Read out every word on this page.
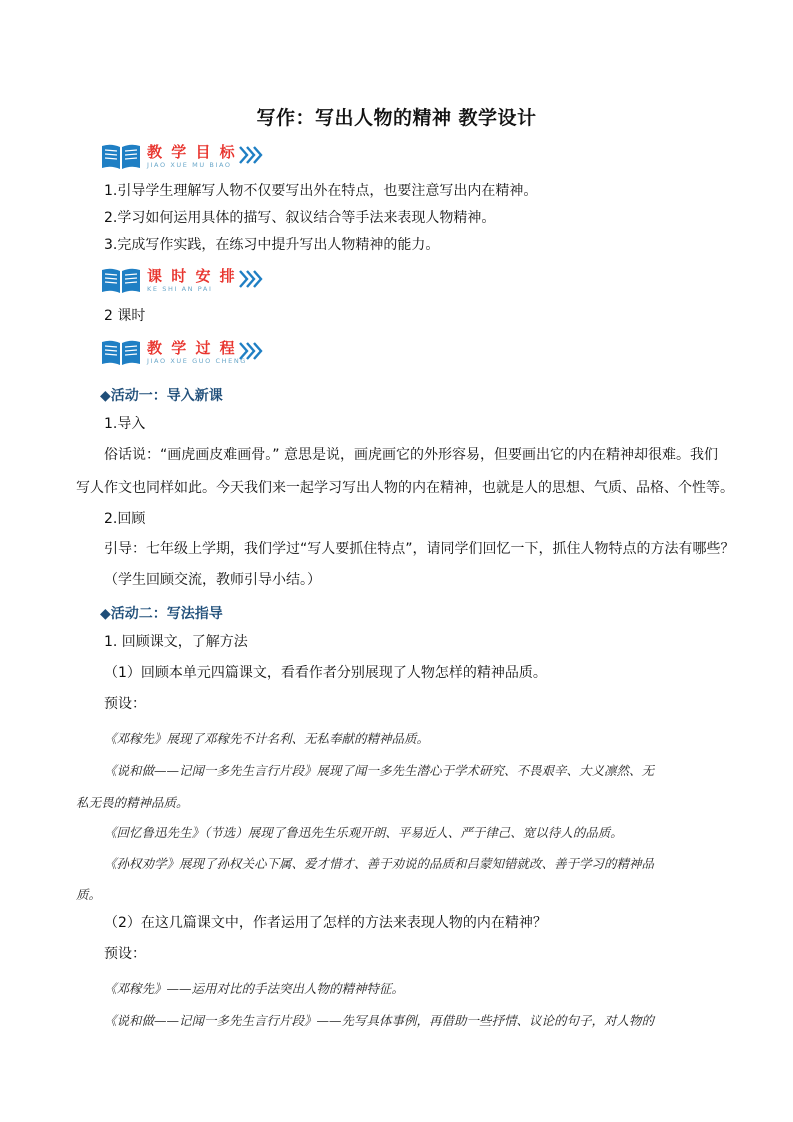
写作：写出人物的精神 教学设计
教 学 目 标
JIAO XUE MU BIAO
1.引导学生理解写人物不仅要写出外在特点，也要注意写出内在精神。
2.学习如何运用具体的描写、叙议结合等手法来表现人物精神。
3.完成写作实践，在练习中提升写出人物精神的能力。
课 时 安 排
KE SHI AN PAI
2 课时
教 学 过 程
JIAO XUE GUO CHENG
◆活动一：导入新课
1.导入
俗话说：“画虎画皮难画骨。” 意思是说，画虎画它的外形容易，但要画出它的内在精神却很难。我们
写人作文也同样如此。今天我们来一起学习写出人物的内在精神，也就是人的思想、气质、品格、个性等。
2.回顾
引导：七年级上学期，我们学过“写人要抓住特点”，请同学们回忆一下，抓住人物特点的方法有哪些？
（学生回顾交流，教师引导小结。）
◆活动二：写法指导
1. 回顾课文，了解方法
（1）回顾本单元四篇课文，看看作者分别展现了人物怎样的精神品质。
预设：
《邓稼先》展现了邓稼先不计名利、无私奉献的精神品质。
《说和做——记闻一多先生言行片段》展现了闻一多先生潜心于学术研究、不畏艰辛、大义凛然、无
私无畏的精神品质。
《回忆鲁迅先生》（节选）展现了鲁迅先生乐观开朗、平易近人、严于律己、宽以待人的品质。
《孙权劝学》展现了孙权关心下属、爱才惜才、善于劝说的品质和吕蒙知错就改、善于学习的精神品
质。
（2）在这几篇课文中，作者运用了怎样的方法来表现人物的内在精神？
预设：
《邓稼先》——运用对比的手法突出人物的精神特征。
《说和做——记闻一多先生言行片段》——先写具体事例，再借助一些抒情、议论的句子，对人物的
